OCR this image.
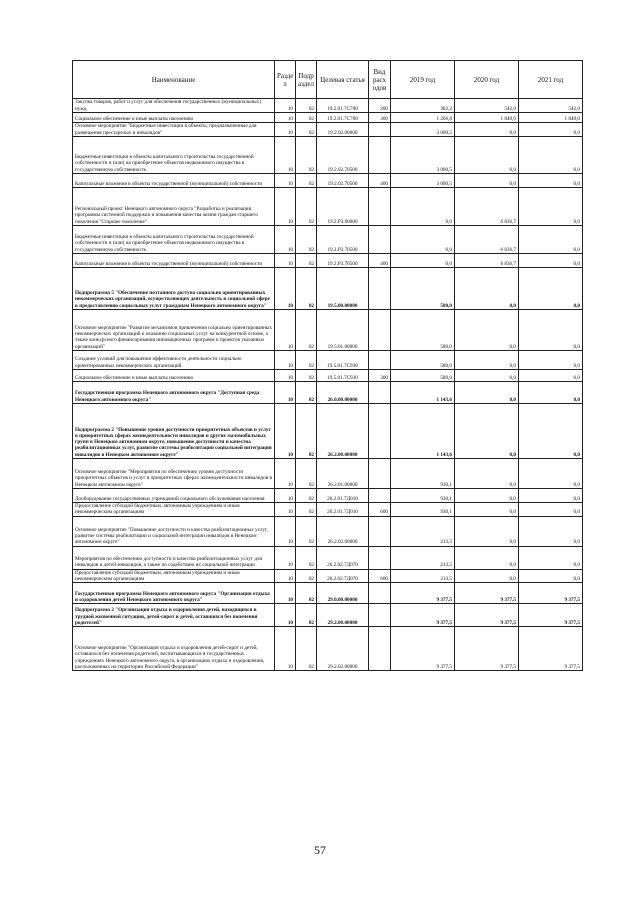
Наименование	Разде л	Подр аздел	Целевая статья	Вид расх одов	2019 год	2020 год	2021 год
Закупка товаров, работ и услуг для обеспечения государственных (муниципальных) нужд	10	02	19.2.01.7С700	200	382,2	542,0	542,0
Социальное обеспечение и иные выплаты населению	10	02	19.2.01.7С700	300	1 266,8	1 840,0	1 840,0
Основное мероприятие "Бюджетные инвестиции в объекты, предназначенные для размещения престарелых и инвалидов"	10	02	19.2.02.00000		3 000,5	0,0	0,0
Бюджетные инвестиции в объекты капитального строительства государственной собственности и (или) на приобретение объектов недвижимого имущества в государственную собственность	10	02	19.2.02.70500		3 000,5	0,0	0,0
Капитальные вложения в объекты государственной (муниципальной) собственности	10	02	19.2.02.70500	400	3 000,5	0,0	0,0
Региональный проект Ненецкого автономного округа "Разработка и реализация программы системной поддержки и повышения качества жизни граждан старшего поколения "Старшее поколение"	10	02	19.2.P3.00000		0,0	6 836,7	0,0
Бюджетные инвестиции в объекты капитального строительства государственной собственности и (или) на приобретение объектов недвижимого имущества в государственную собственность	10	02	19.2.P3.70500		0,0	6 836,7	0,0
Капитальные вложения в объекты государственной (муниципальной) собственности	10	02	19.2.P3.70500	400	0,0	6 836,7	0,0
Подпрограмма 5 "Обеспечение поэтапного доступа социально ориентированных некоммерческих организаций, осуществляющих деятельность в социальной сфере к предоставлению социальных услуг гражданам Ненецкого автономного округа"	10	02	19.5.00.00000		580,0	0,0	0,0
Основное мероприятие "Развитие механизмов привлечения социально ориентированных некоммерческих организаций к оказанию социальных услуг на конкурентной основе, а также конкурсного финансирования инновационных программ и проектов указанных организаций"	10	02	19.5.01.00000		580,0	0,0	0,0
Создание условий для повышения эффективности деятельности социально ориентированных некоммерческих организаций	10	02	19.5.01.7С930		580,0	0,0	0,0
Социальное обеспечение и иные выплаты населению	10	02	19.5.01.7С930	300	580,0	0,0	0,0
Государственная программа Ненецкого автономного округа "Доступная среда Ненецкого автономного округа"	10	02	26.0.00.00000		1 143,6	0,0	0,0
Подпрограмма 2 "Повышение уровня доступности приоритетных объектов и услуг в приоритетных сферах жизнедеятельности инвалидов и других маломобильных групп в Ненецком автономном округе, повышение доступности и качества реабилитационных услуг, развитие системы реабилитации социальной интеграции инвалидов в Ненецком автономном округе"	10	02	26.2.00.00000		1 143,6	0,0	0,0
Основное мероприятие "Мероприятия по обеспечению уровня доступности приоритетных объектов и услуг в приоритетных сферах жизнедеятельности инвалидов в Ненецком автономном округе"	10	02	26.2.01.00000		930,1	0,0	0,0
Дооборудование государственных учреждений социального обслуживания населения	10	02	26.2.01.7Д010		930,1	0,0	0,0
Предоставление субсидий бюджетным, автономным учреждениям и иным некоммерческим организациям	10	02	26.2.01.7Д010	600	930,1	0,0	0,0
Основное мероприятие "Повышение доступности и качества реабилитационных услуг, развитие системы реабилитации и социальной интеграции инвалидов в Ненецком автономном округе"	10	02	26.2.02.00000		213,5	0,0	0,0
Мероприятия по обеспечению доступности и качества реабилитационных услуг для инвалидов и детей-инвалидов, а также по содействию их социальной интеграции	10	02	26.2.02.7Д070		213,5	0,0	0,0
Предоставление субсидий бюджетным, автономным учреждениям и иным некоммерческим организациям	10	02	26.2.02.7Д070	600	213,5	0,0	0,0
Государственная программа Ненецкого автономного округа "Организация отдыха и оздоровления детей Ненецкого автономного округа"	10	02	29.0.00.00000		9 377,5	9 377,5	9 377,5
Подпрограмма 2 "Организация отдыха и оздоровления детей, находящихся в трудной жизненной ситуации, детей-сирот и детей, оставшихся без попечения родителей"	10	02	29.2.00.00000		9 377,5	9 377,5	9 377,5
Основное мероприятие "Организация отдыха и оздоровления детей-сирот и детей, оставшихся без попечения родителей, воспитывающихся в государственных учреждениях Ненецкого автономного округа, в организациях отдыха и оздоровления, расположенных на территории Российской Федерации"	10	02	29.2.02.00000		9 377,5	9 377,5	9 377,5
57
